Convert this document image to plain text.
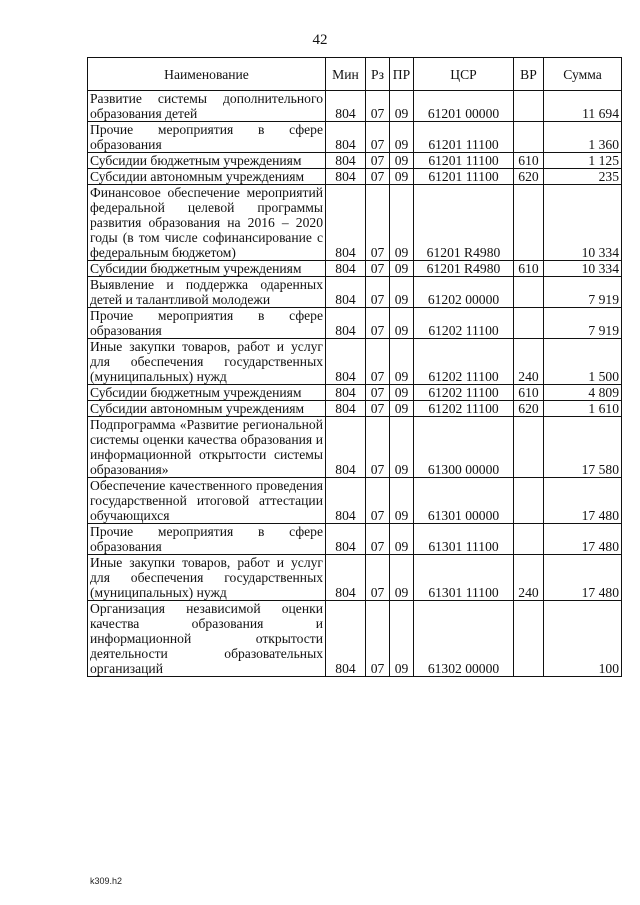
42
Наименование	Мин	Рз	ПР	ЦСР	ВР	Сумма
Развитие системы дополнительного образования детей	804	07	09	61201 00000		11 694
Прочие мероприятия в сфере образования	804	07	09	61201 11100		1 360
Субсидии бюджетным учреждениям	804	07	09	61201 11100	610	1 125
Субсидии автономным учреждениям	804	07	09	61201 11100	620	235
Финансовое обеспечение мероприятий федеральной целевой программы развития образования на 2016 – 2020 годы (в том числе софинансирование с федеральным бюджетом)	804	07	09	61201 R4980		10 334
Субсидии бюджетным учреждениям	804	07	09	61201 R4980	610	10 334
Выявление и поддержка одаренных детей и талантливой молодежи	804	07	09	61202 00000		7 919
Прочие мероприятия в сфере образования	804	07	09	61202 11100		7 919
Иные закупки товаров, работ и услуг для обеспечения государственных (муниципальных) нужд	804	07	09	61202 11100	240	1 500
Субсидии бюджетным учреждениям	804	07	09	61202 11100	610	4 809
Субсидии автономным учреждениям	804	07	09	61202 11100	620	1 610
Подпрограмма «Развитие региональной системы оценки качества образования и информационной открытости системы образования»	804	07	09	61300 00000		17 580
Обеспечение качественного проведения государственной итоговой аттестации обучающихся	804	07	09	61301 00000		17 480
Прочие мероприятия в сфере образования	804	07	09	61301 11100		17 480
Иные закупки товаров, работ и услуг для обеспечения государственных (муниципальных) нужд	804	07	09	61301 11100	240	17 480
Организация независимой оценки качества образования и информационной открытости деятельности образовательных организаций	804	07	09	61302 00000		100
k309.h2
